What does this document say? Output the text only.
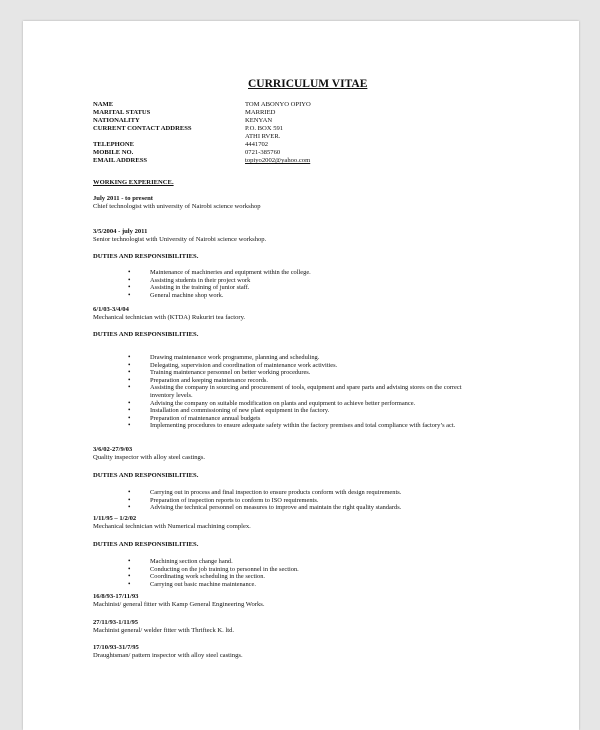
CURRICULUM VITAE
NAME	TOM ABONYO OPIYO
MARITAL STATUS	MARRIED
NATIONALITY	KENYAN
CURRENT CONTACT ADDRESS	P.O. BOX 591
ATHI RVER.
TELEPHONE	4441702
MOBILE NO.	0721-385760
EMAIL ADDRESS	topiyo2002@yahoo.com
WORKING EXPERIENCE.
July 2011 - to present
Chief technologist with university of Nairobi science workshop
3/5/2004 - july 2011
Senior technologist with University of Nairobi science workshop.
DUTIES AND RESPONSIBILITIES.
• Maintenance of machineries and equipment within the college.
• Assisting students in their project work
• Assisting in the training of junior staff.
• General machine shop work.
6/1/03-3/4/04
Mechanical technician with (KTDA) Rukuriri tea factory.
DUTIES AND RESPONSIBILITIES.
• Drawing maintenance work programme, planning and scheduling.
• Delegating, supervision and coordination of maintenance work activities.
• Training maintenance personnel on better working procedures.
• Preparation and keeping maintenance records.
• Assisting the company in sourcing and procurement of tools, equipment and spare parts and advising stores on the correct
inventory levels.
• Advising the company on suitable modification on plants and equipment to achieve better performance.
• Installation and commissioning of new plant equipment in the factory.
• Preparation of maintenance annual budgets
• Implementing procedures to ensure adequate safety within the factory premises and total compliance with factory’s act.
3/6/02-27/9/03
Quality inspector with alloy steel castings.
DUTIES AND RESPONSIBILITIES.
• Carrying out in process and final inspection to ensure products conform with design requirements.
• Preparation of inspection reports to conform to ISO requirements.
• Advising the technical personnel on measures to improve and maintain the right quality standards.
1/11/95 – 1/2/02
Mechanical technician with Numerical machining complex.
DUTIES AND RESPONSIBILITIES.
• Machining section change hand.
• Conducting on the job training to personnel in the section.
• Coordinating work scheduling in the section.
• Carrying out basic machine maintenance.
16/8/93-17/11/93
Machinist/ general fitter with Kamp General Engineering Works.
27/11/93-1/11/95
Machinist general/ welder fitter with Thrifteck K. ltd.
17/10/93-31/7/95
Draughtsman/ pattern inspector with alloy steel castings.
